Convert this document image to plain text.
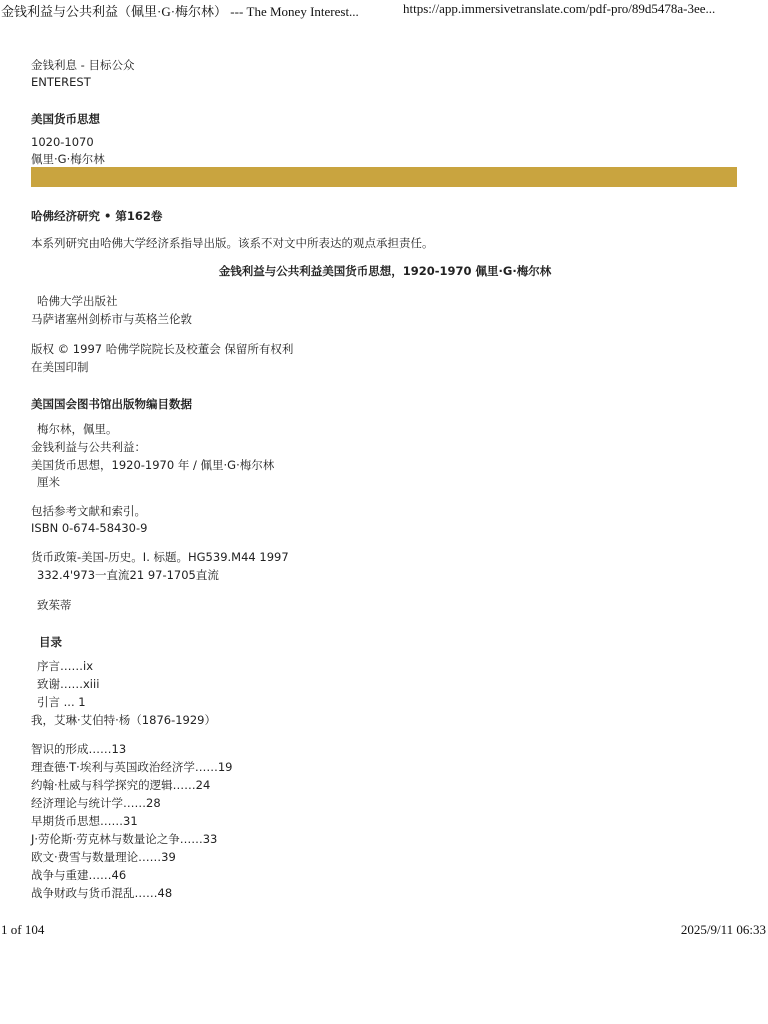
金钱利益与公共利益（佩里·G·梅尔林） --- The Money Interest...	https://app.immersivetranslate.com/pdf-pro/89d5478a-3ee...
金钱利息 - 目标公众
ENTEREST
美国货币思想
1020-1070
佩里·G·梅尔林
哈佛经济研究 • 第162卷
本系列研究由哈佛大学经济系指导出版。该系不对文中所表达的观点承担责任。
金钱利益与公共利益美国货币思想，1920-1970 佩里·G·梅尔林
哈佛大学出版社
马萨诸塞州剑桥市与英格兰伦敦
版权 © 1997 哈佛学院院长及校董会 保留所有权利
在美国印制
美国国会图书馆出版物编目数据
梅尔林，佩里。
金钱利益与公共利益：
美国货币思想，1920-1970 年 / 佩里·G·梅尔林
厘米
包括参考文献和索引。
ISBN 0-674-58430-9
货币政策-美国-历史。I. 标题。HG539.M44 1997
332.4'973一直流21 97-1705直流
致茱蒂
目录
序言……ix
致谢……xiii
引言 ... 1
我，艾琳·艾伯特·杨（1876-1929）
智识的形成……13
理查德·T·埃利与英国政治经济学……19
约翰·杜威与科学探究的逻辑……24
经济理论与统计学……28
早期货币思想……31
J·劳伦斯·劳克林与数量论之争……33
欧文·费雪与数量理论……39
战争与重建……46
战争财政与货币混乱……48
1 of 104	2025/9/11 06:33
